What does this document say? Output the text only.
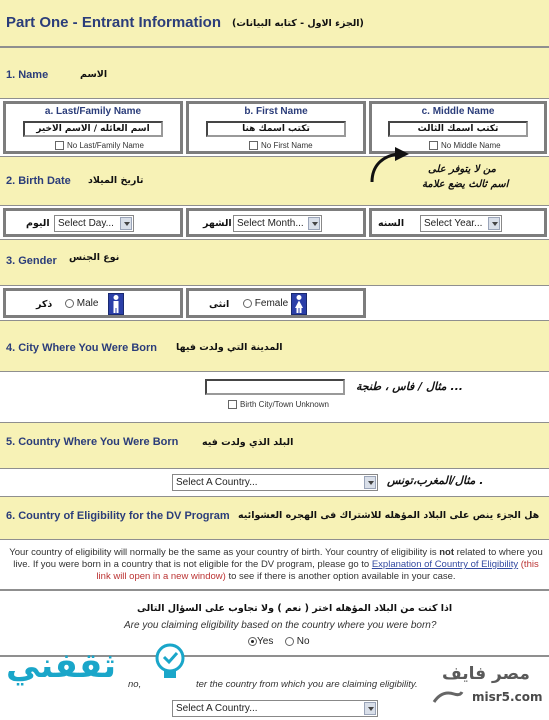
Part One - Entrant Information (الجزء الاول - كتابه البيانات)
1. Name	الاسم
a. Last/Family Name
اسم العائله / الاسم الاخير
No Last/Family Name
b. First Name
تكتب اسمك هنا
No First Name
c. Middle Name
تكتب اسمك الثالث
No Middle Name
2. Birth Date تاريخ الميلاد
من لا يتوفر على
اسم ثالث يضع علامة
اليوم Select Day...	الشهر Select Month...	السنه	Select Year...
3. Gender نوع الجنس
ذكر	Male	انثى	Female
4. City Where You Were Born المدينة التي ولدت فيها
مثال / فاس ، طنجة ...
Birth City/Town Unknown
5. Country Where You Were Born البلد الذي ولدت فيه
Select A Country...	مثال/المغرب،تونس .
6. Country of Eligibility for the DV Program هل الجزء ينص على البلاد المؤهله للاشتراك فى الهجره العشوائيه
Your country of eligibility will normally be the same as your country of birth. Your country of eligibility is not related to where you live. If you were born in a country that is not eligible for the DV program, please go to Explanation of Country of Eligibility (this link will open in a new window) to see if there is another option available in your case.
اذا كنت من البلاد المؤهله اختر ( نعم ) ولا تجاوب على السؤال التالى
Are you claiming eligibility based on the country where you were born?
Yes	No
no,	ter the country from which you are claiming eligibility.
Select A Country...
ثقفني	مصر فايف
misr5.com
